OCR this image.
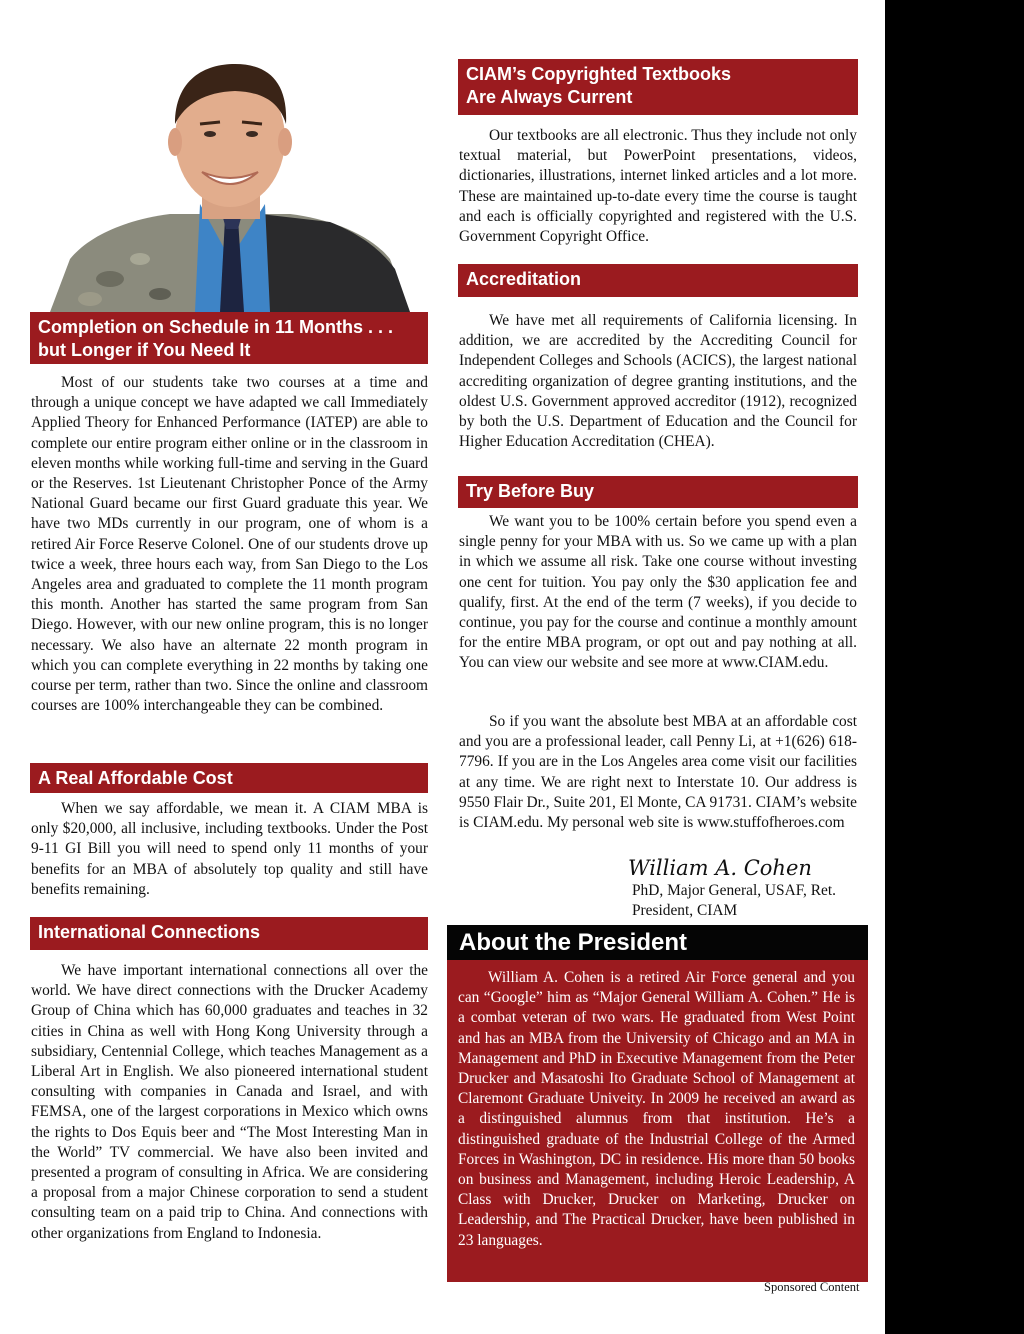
CIAM’s Copyrighted Textbooks
Are Always Current

Our textbooks are all electronic. Thus they include not only textual material, but PowerPoint presentations, videos, dictionaries, illustrations, internet linked articles and a lot more. These are maintained up-to-date every time the course is taught and each is officially copyrighted and registered with the U.S. Government Copyright Office.

Accreditation

We have met all requirements of California licensing. In addition, we are accredited by the Accrediting Council for Independent Colleges and Schools (ACICS), the largest national accrediting organization of degree granting institutions, and the oldest U.S. Government approved accreditor (1912), recognized by both the U.S. Department of Education and the Council for Higher Education Accreditation (CHEA).

Try Before Buy

We want you to be 100% certain before you spend even a single penny for your MBA with us. So we came up with a plan in which we assume all risk. Take one course without investing one cent for tuition. You pay only the $30 application fee and qualify, first. At the end of the term (7 weeks), if you decide to continue, you pay for the course and continue a monthly amount for the entire MBA program, or opt out and pay nothing at all. You can view our website and see more at www.CIAM.edu.

So if you want the absolute best MBA at an affordable cost and you are a professional leader, call Penny Li, at +1(626) 618-7796. If you are in the Los Angeles area come visit our facilities at any time. We are right next to Interstate 10. Our address is 9550 Flair Dr., Suite 201, El Monte, CA 91731. CIAM’s website is CIAM.edu. My personal web site is www.stuffofheroes.com

William A. Cohen
PhD, Major General, USAF, Ret.
President, CIAM
Completion on Schedule in 11 Months . . .
but Longer if You Need It

Most of our students take two courses at a time and through a unique concept we have adapted we call Immediately Applied Theory for Enhanced Performance (IATEP) are able to complete our entire program either online or in the classroom in eleven months while working full-time and serving in the Guard or the Reserves. 1st Lieutenant Christopher Ponce of the Army National Guard became our first Guard graduate this year. We have two MDs currently in our program, one of whom is a retired Air Force Reserve Colonel. One of our students drove up twice a week, three hours each way, from San Diego to the Los Angeles area and graduated to complete the 11 month program this month. Another has started the same program from San Diego. However, with our new online program, this is no longer necessary. We also have an alternate 22 month program in which you can complete everything in 22 months by taking one course per term, rather than two. Since the online and classroom courses are 100% interchangeable they can be combined.

A Real Affordable Cost

When we say affordable, we mean it. A CIAM MBA is only $20,000, all inclusive, including textbooks. Under the Post 9-11 GI Bill you will need to spend only 11 months of your benefits for an MBA of absolutely top quality and still have benefits remaining.

International Connections

We have important international connections all over the world. We have direct connections with the Drucker Academy Group of China which has 60,000 graduates and teaches in 32 cities in China as well with Hong Kong University through a subsidiary, Centennial College, which teaches Management as a Liberal Art in English. We also pioneered international student consulting with companies in Canada and Israel, and with FEMSA, one of the largest corporations in Mexico which owns the rights to Dos Equis beer and “The Most Interesting Man in the World” TV commercial. We have also been invited and presented a program of consulting in Africa. We are considering a proposal from a major Chinese corporation to send a student consulting team on a paid trip to China. And connections with other organizations from England to Indonesia.

About the President

William A. Cohen is a retired Air Force general and you can “Google” him as “Major General William A. Cohen.” He is a combat veteran of two wars. He graduated from West Point and has an MBA from the University of Chicago and an MA in Management and PhD in Executive Management from the Peter Drucker and Masatoshi Ito Graduate School of Management at Claremont Graduate Univeity. In 2009 he received an award as a distinguished alumnus from that institution. He’s a distinguished graduate of the Industrial College of the Armed Forces in Washington, DC in residence. His more than 50 books on business and Management, including Heroic Leadership, A Class with Drucker, Drucker on Marketing, Drucker on Leadership, and The Practical Drucker, have been published in 23 languages.

Sponsored Content
